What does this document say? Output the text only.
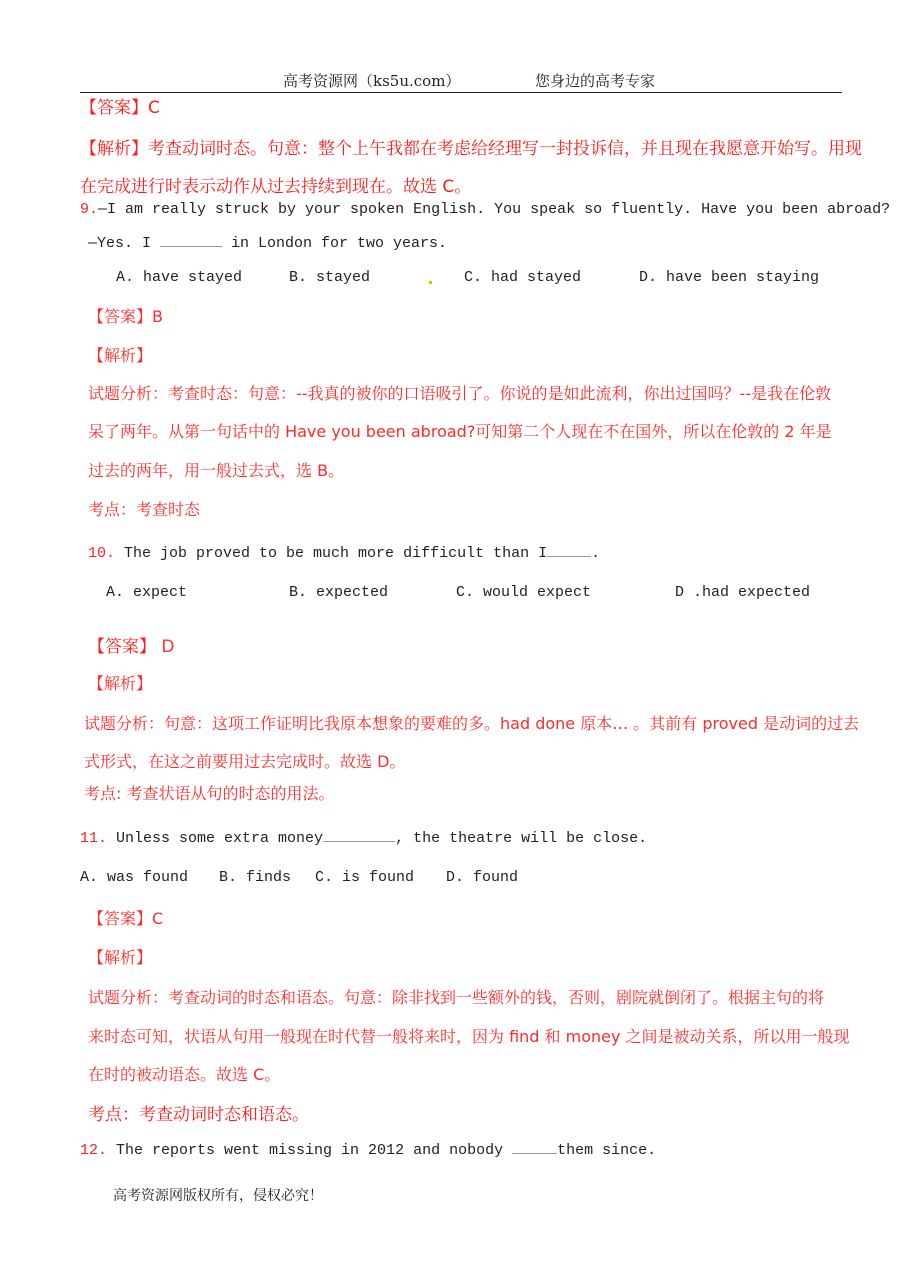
高考资源网（ks5u.com）	您身边的高考专家
【答案】C
【解析】考查动词时态。句意：整个上午我都在考虑给经理写一封投诉信，并且现在我愿意开始写。用现
在完成进行时表示动作从过去持续到现在。故选 C。
9.—I am really struck by your spoken English. You speak so fluently. Have you been abroad?
—Yes. I	in London for two years.
A. have stayed	B. stayed	C. had stayed	D. have been staying
【答案】B
【解析】
试题分析：考查时态：句意：--我真的被你的口语吸引了。你说的是如此流利，你出过国吗？--是我在伦敦
呆了两年。从第一句话中的 Have you been abroad?可知第二个人现在不在国外，所以在伦敦的 2 年是
过去的两年，用一般过去式，选 B。
考点：考查时态
10. The job proved to be much more difficult than I	.
A. expect	B. expected	C. would expect	D .had expected
【答案】 D
【解析】
试题分析：句意：这项工作证明比我原本想象的要难的多。had done 原本… 。其前有 proved 是动词的过去
式形式，在这之前要用过去完成时。故选 D。
考点: 考查状语从句的时态的用法。
11. Unless some extra money	, the theatre will be close.
A. was found B. finds C. is found D. found
【答案】C
【解析】
试题分析：考查动词的时态和语态。句意：除非找到一些额外的钱，否则，剧院就倒闭了。根据主句的将
来时态可知，状语从句用一般现在时代替一般将来时，因为 find 和 money 之间是被动关系，所以用一般现
在时的被动语态。故选 C。
考点：考查动词时态和语态。
12. The reports went missing in 2012 and nobody	them since.
高考资源网版权所有，侵权必究！
